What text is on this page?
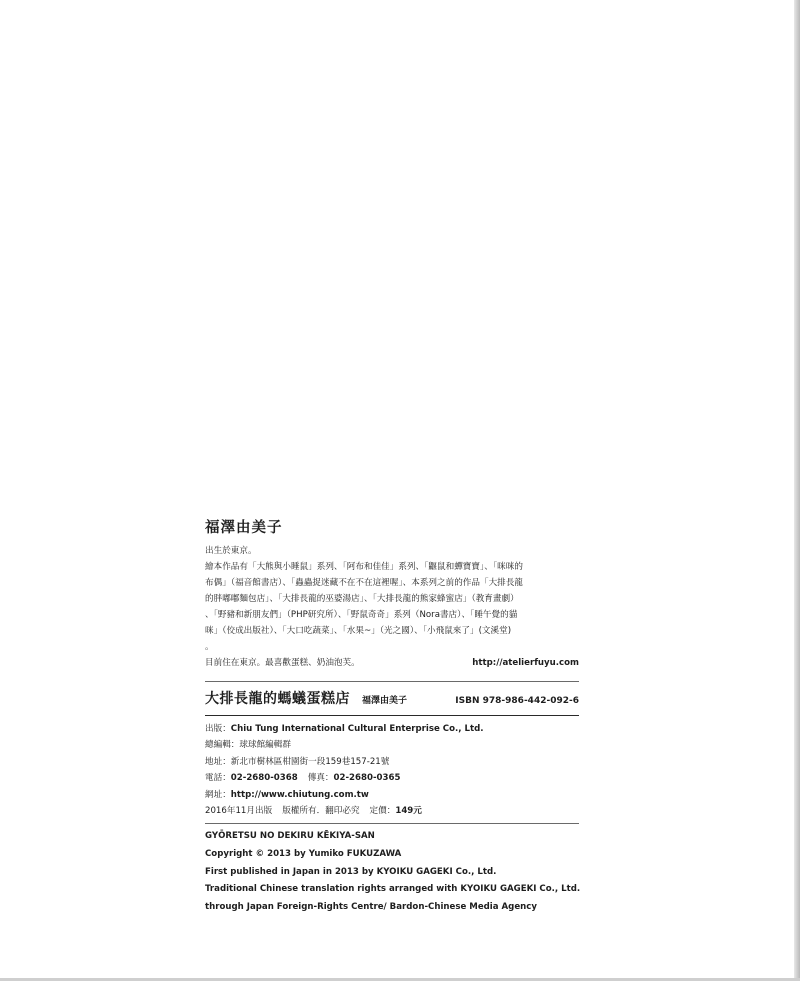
福澤由美子

出生於東京。

繪本作品有「大熊與小睡鼠」系列、「阿布和佳佳」系列、「鼴鼠和蟬寶寶」、「咪咪的

布偶」（福音館書店）、「蟲蟲捉迷藏不在不在這裡喔」、本系列之前的作品「大排長龍

的胖嘟嘟麵包店」、「大排長龍的巫婆湯店」、「大排長龍的熊家蜂蜜店」（教育畫劇）

、「野豬和新朋友們」（PHP研究所）、「野鼠奇奇」系列（Nora書店）、「睡午覺的貓

咪」（佼成出版社）、「大口吃蔬菜」、「水果~」（光之國）、「小飛鼠來了」(文溪堂)

。

目前住在東京。最喜歡蛋糕、奶油泡芙。	http://atelierfuyu.com

大排長龍的螞蟻蛋糕店 福澤由美子	ISBN 978-986-442-092-6

出版：Chiu Tung International Cultural Enterprise Co., Ltd.

總編輯：球球館編輯群

地址：新北市樹林區柑園街一段159巷157-21號

電話：02-2680-0368 傳真：02-2680-0365

網址：http://www.chiutung.com.tw

2016年11月出版 版權所有．翻印必究 定價：149元

GYŌRETSU NO DEKIRU KĒKIYA-SAN

Copyright © 2013 by Yumiko FUKUZAWA

First published in Japan in 2013 by KYOIKU GAGEKI Co., Ltd.

Traditional Chinese translation rights arranged with KYOIKU GAGEKI Co., Ltd.

through Japan Foreign-Rights Centre/ Bardon-Chinese Media Agency
